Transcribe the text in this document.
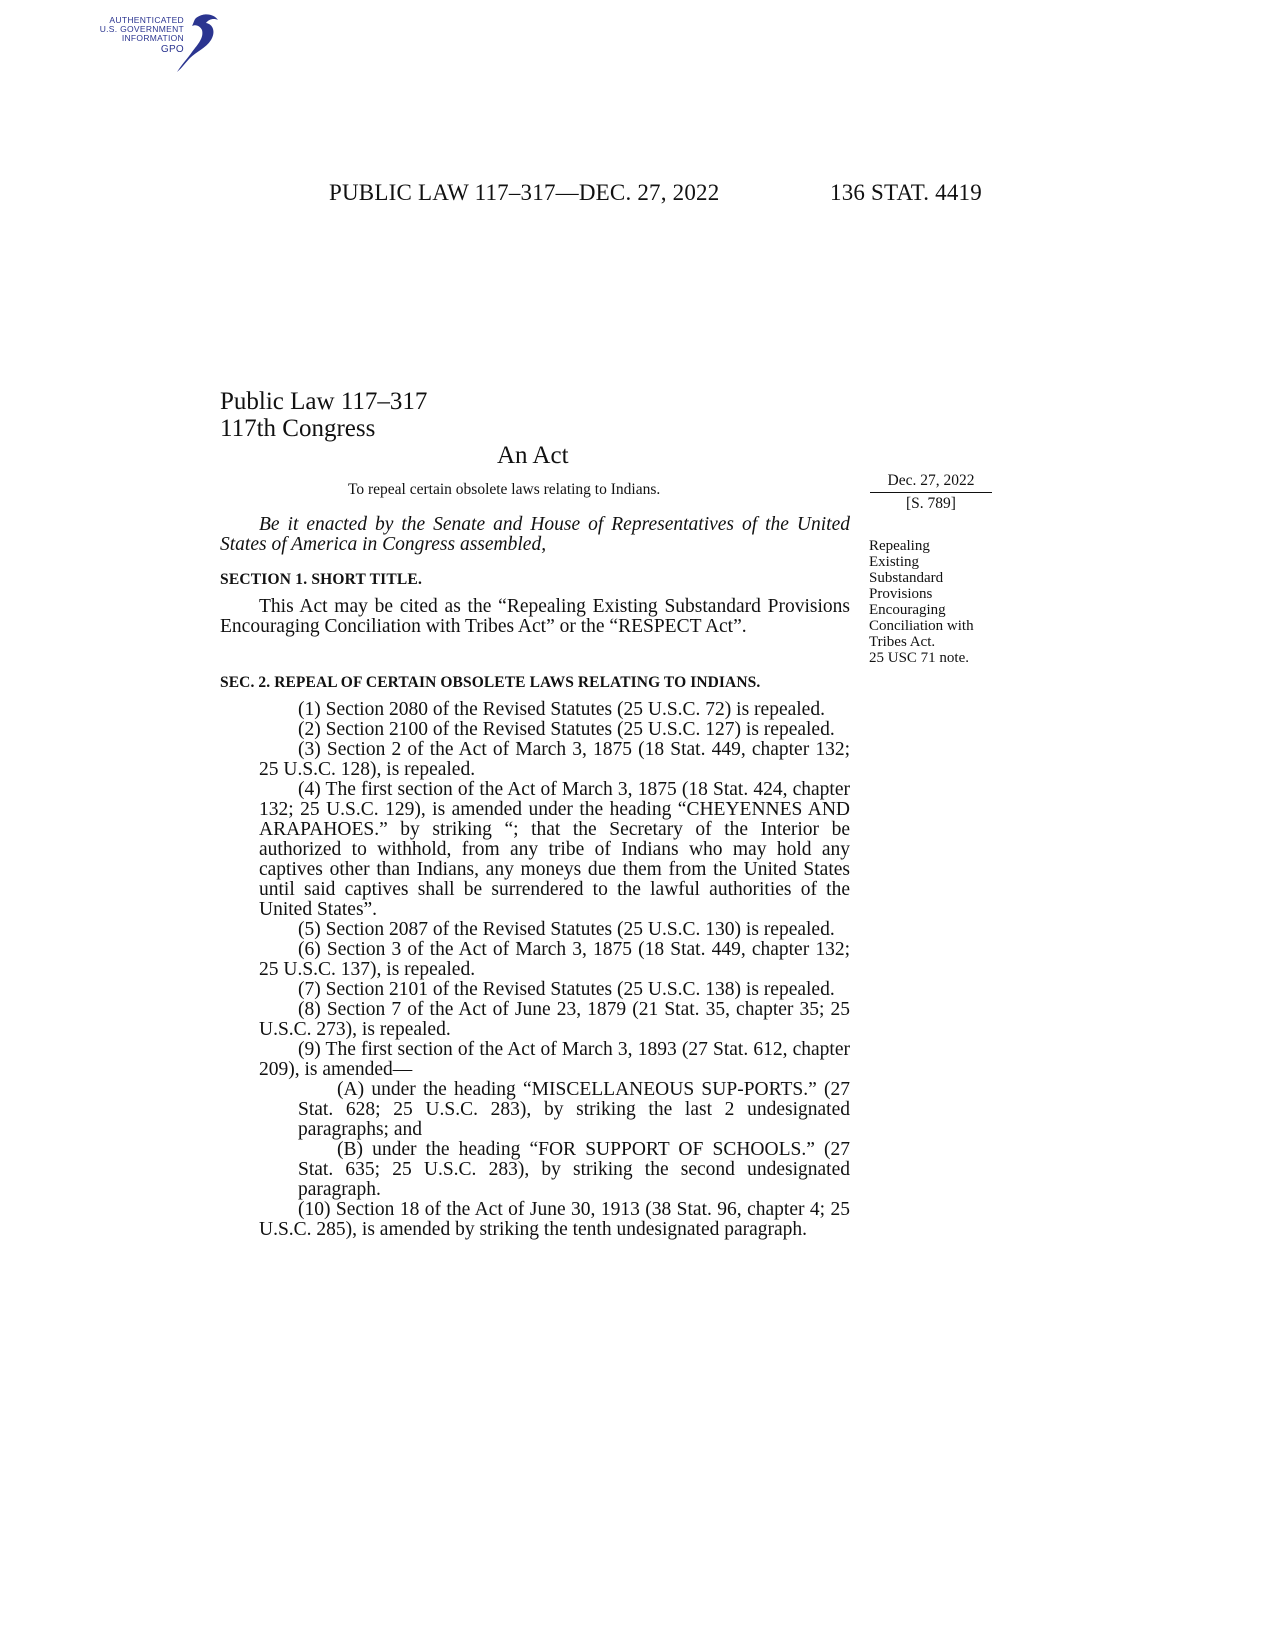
AUTHENTICATED
U.S. GOVERNMENT
INFORMATION
GPO
PUBLIC LAW 117–317—DEC. 27, 2022	136 STAT. 4419
Public Law 117–317
117th Congress
An Act
To repeal certain obsolete laws relating to Indians.
Dec. 27, 2022
[S. 789]
Repealing
Existing
Substandard
Provisions
Encouraging
Conciliation with
Tribes Act.
25 USC 71 note.
Be it enacted by the Senate and House of Representatives of the United States of America in Congress assembled,
SECTION 1. SHORT TITLE.
This Act may be cited as the “Repealing Existing Substandard Provisions Encouraging Conciliation with Tribes Act” or the “RESPECT Act”.
SEC. 2. REPEAL OF CERTAIN OBSOLETE LAWS RELATING TO INDIANS.

(1) Section 2080 of the Revised Statutes (25 U.S.C. 72) is repealed.

(2) Section 2100 of the Revised Statutes (25 U.S.C. 127) is repealed.

(3) Section 2 of the Act of March 3, 1875 (18 Stat. 449, chapter 132; 25 U.S.C. 128), is repealed.

(4) The first section of the Act of March 3, 1875 (18 Stat. 424, chapter 132; 25 U.S.C. 129), is amended under the heading “CHEYENNES AND ARAPAHOES.” by striking “; that the Secretary of the Interior be authorized to withhold, from any tribe of Indians who may hold any captives other than Indians, any moneys due them from the United States until said captives shall be surrendered to the lawful authorities of the United States”.

(5) Section 2087 of the Revised Statutes (25 U.S.C. 130) is repealed.

(6) Section 3 of the Act of March 3, 1875 (18 Stat. 449, chapter 132; 25 U.S.C. 137), is repealed.

(7) Section 2101 of the Revised Statutes (25 U.S.C. 138) is repealed.

(8) Section 7 of the Act of June 23, 1879 (21 Stat. 35, chapter 35; 25 U.S.C. 273), is repealed.

(9) The first section of the Act of March 3, 1893 (27 Stat. 612, chapter 209), is amended—

(A) under the heading “MISCELLANEOUS SUP-PORTS.” (27 Stat. 628; 25 U.S.C. 283), by striking the last 2 undesignated paragraphs; and

(B) under the heading “FOR SUPPORT OF SCHOOLS.” (27 Stat. 635; 25 U.S.C. 283), by striking the second undesignated paragraph.

(10) Section 18 of the Act of June 30, 1913 (38 Stat. 96, chapter 4; 25 U.S.C. 285), is amended by striking the tenth undesignated paragraph.
